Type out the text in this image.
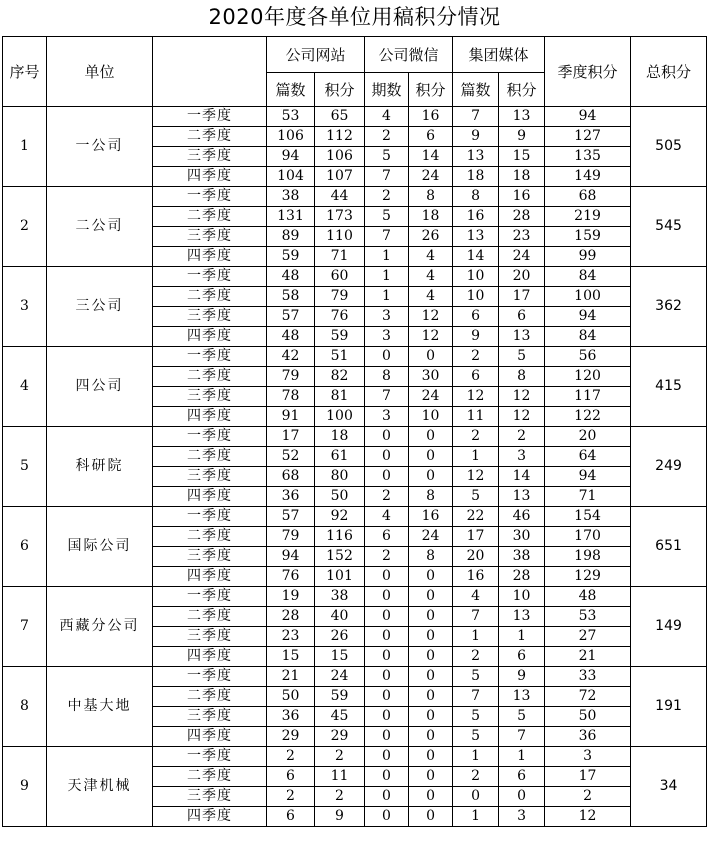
2020年度各单位用稿积分情况
序号	单位		公司网站		公司微信		集团媒体		季度积分	总积分
			篇数	积分	期数	积分	篇数	积分		
1	一公司	一季度	53	65	4	16	7	13	94	505
		二季度	106	112	2	6	9	9	127	
		三季度	94	106	5	14	13	15	135	
		四季度	104	107	7	24	18	18	149	
2	二公司	一季度	38	44	2	8	8	16	68	545
		二季度	131	173	5	18	16	28	219	
		三季度	89	110	7	26	13	23	159	
		四季度	59	71	1	4	14	24	99	
3	三公司	一季度	48	60	1	4	10	20	84	362
		二季度	58	79	1	4	10	17	100	
		三季度	57	76	3	12	6	6	94	
		四季度	48	59	3	12	9	13	84	
4	四公司	一季度	42	51	0	0	2	5	56	415
		二季度	79	82	8	30	6	8	120	
		三季度	78	81	7	24	12	12	117	
		四季度	91	100	3	10	11	12	122	
5	科研院	一季度	17	18	0	0	2	2	20	249
		二季度	52	61	0	0	1	3	64	
		三季度	68	80	0	0	12	14	94	
		四季度	36	50	2	8	5	13	71	
6	国际公司	一季度	57	92	4	16	22	46	154	651
		二季度	79	116	6	24	17	30	170	
		三季度	94	152	2	8	20	38	198	
		四季度	76	101	0	0	16	28	129	
7	西藏分公司	一季度	19	38	0	0	4	10	48	149
		二季度	28	40	0	0	7	13	53	
		三季度	23	26	0	0	1	1	27	
		四季度	15	15	0	0	2	6	21	
8	中基大地	一季度	21	24	0	0	5	9	33	191
		二季度	50	59	0	0	7	13	72	
		三季度	36	45	0	0	5	5	50	
		四季度	29	29	0	0	5	7	36	
9	天津机械	一季度	2	2	0	0	1	1	3	34
		二季度	6	11	0	0	2	6	17	
		三季度	2	2	0	0	0	0	2	
		四季度	6	9	0	0	1	3	12	
